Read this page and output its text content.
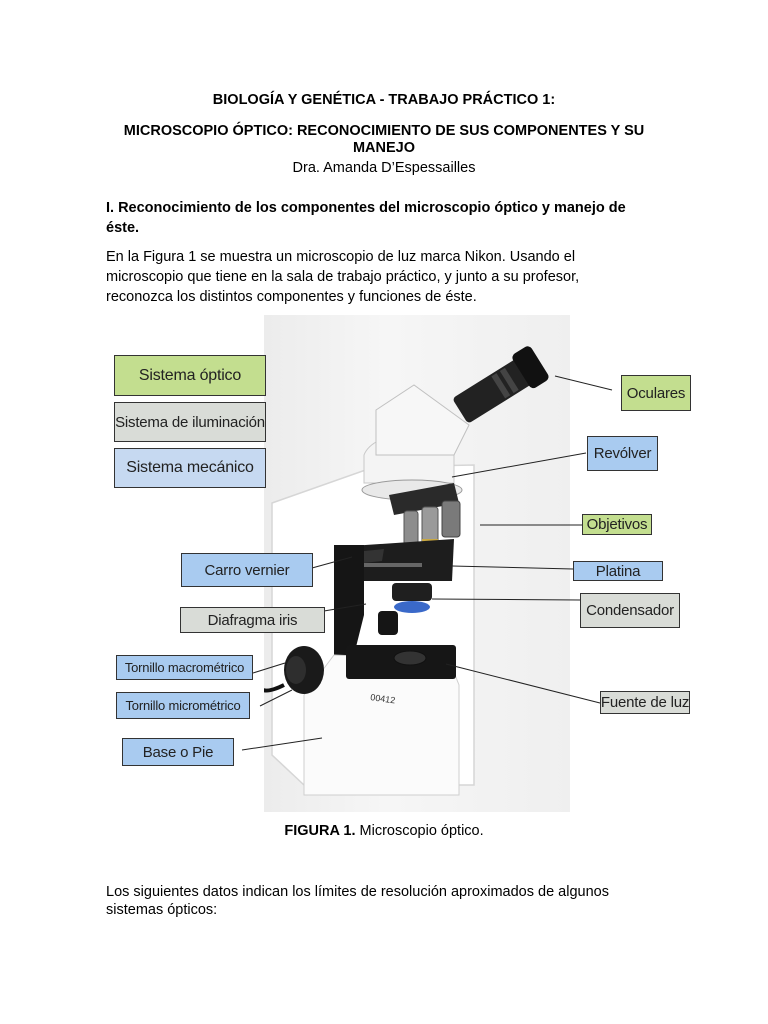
BIOLOGÍA Y GENÉTICA - TRABAJO PRÁCTICO 1:
MICROSCOPIO ÓPTICO: RECONOCIMIENTO DE SUS COMPONENTES Y SU
MANEJO
Dra. Amanda D’Espessailles
I. Reconocimiento de los componentes del microscopio óptico y manejo de
éste.
En la Figura 1 se muestra un microscopio de luz marca Nikon. Usando el
microscopio que tiene en la sala de trabajo práctico, y junto a su profesor,
reconozca los distintos componentes y funciones de éste.
00412
Sistema óptico
Sistema de iluminación
Sistema mecánico
Oculares
Revólver
Objetivos
Platina
Condensador
Fuente de luz
Carro vernier
Diafragma iris
Tornillo macrométrico
Tornillo micrométrico
Base o Pie
FIGURA 1. Microscopio óptico.
Los siguientes datos indican los límites de resolución aproximados de algunos
sistemas ópticos:
